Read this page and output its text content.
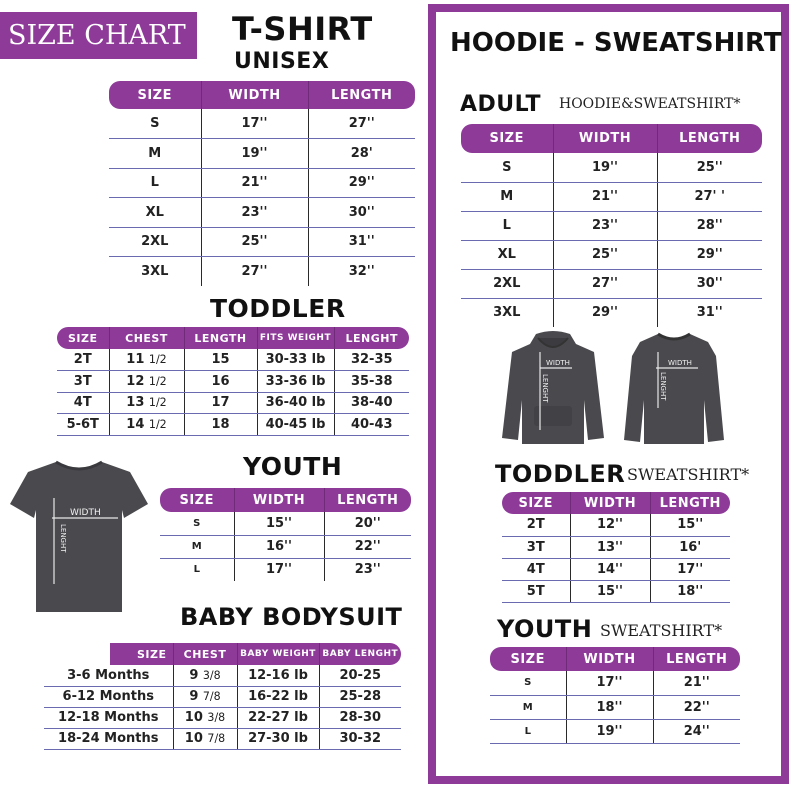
SIZE CHART	T-SHIRT
UNISEX
SIZE	WIDTH	LENGTH
S	17''	27''
M	19''	28'
L	21''	29''
XL	23''	30''
2XL	25''	31''
3XL	27''	32''
TODDLER
SIZE	CHEST	LENGTH	FITS WEIGHT	LENGHT
2T	11 1/2	15	30-33 lb	32-35
3T	12 1/2	16	33-36 lb	35-38
4T	13 1/2	17	36-40 lb	38-40
5-6T	14 1/2	18	40-45 lb	40-43
WIDTH
LENGHT
YOUTH
SIZE	WIDTH	LENGTH
S	15''	20''
M	16''	22''
L	17''	23''
BABY BODYSUIT
SIZE	CHEST	BABY WEIGHT	BABY LENGHT
3-6 Months	9 3/8	12-16 lb	20-25
6-12 Months	9 7/8	16-22 lb	25-28
12-18 Months	10 3/8	22-27 lb	28-30
18-24 Months	10 7/8	27-30 lb	30-32
HOODIE - SWEATSHIRT
ADULT HOODIE&SWEATSHIRT*
SIZE	WIDTH	LENGTH
S	19''	25''
M	21''	27' '
L	23''	28''
XL	25''	29''
2XL	27''	30''
3XL	29''	31''
WIDTH
LENGHT
WIDTH
LENGHT
TODDLER SWEATSHIRT*
SIZE	WIDTH	LENGTH
2T	12''	15''
3T	13''	16'
4T	14''	17''
5T	15''	18''
YOUTH SWEATSHIRT*
SIZE	WIDTH	LENGTH
S	17''	21''
M	18''	22''
L	19''	24''
